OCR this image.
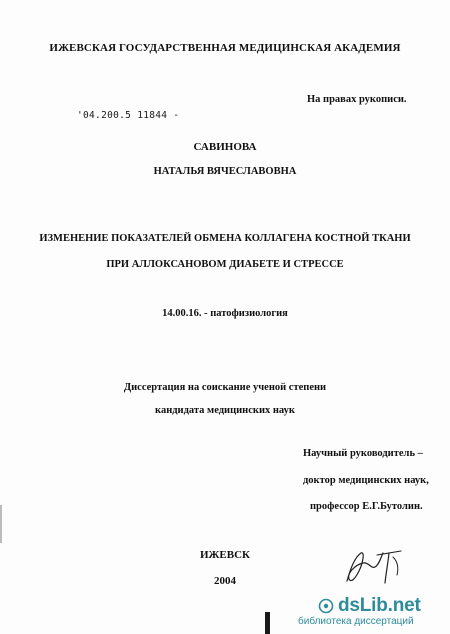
ИЖЕВСКАЯ ГОСУДАРСТВЕННАЯ МЕДИЦИНСКАЯ АКАДЕМИЯ
На правах рукописи.
'04.200.5 11844 -
САВИНОВА
НАТАЛЬЯ ВЯЧЕСЛАВОВНА
ИЗМЕНЕНИЕ ПОКАЗАТЕЛЕЙ ОБМЕНА КОЛЛАГЕНА КОСТНОЙ ТКАНИ
ПРИ АЛЛОКСАНОВОМ ДИАБЕТЕ И СТРЕССЕ
14.00.16. - патофизиология
Диссертация на соискание ученой степени
кандидата медицинских наук
Научный руководитель –
доктор медицинских наук,
профессор Е.Г.Бутолин.
ИЖЕВСК
2004
dsLib.net
библиотека диссертаций
